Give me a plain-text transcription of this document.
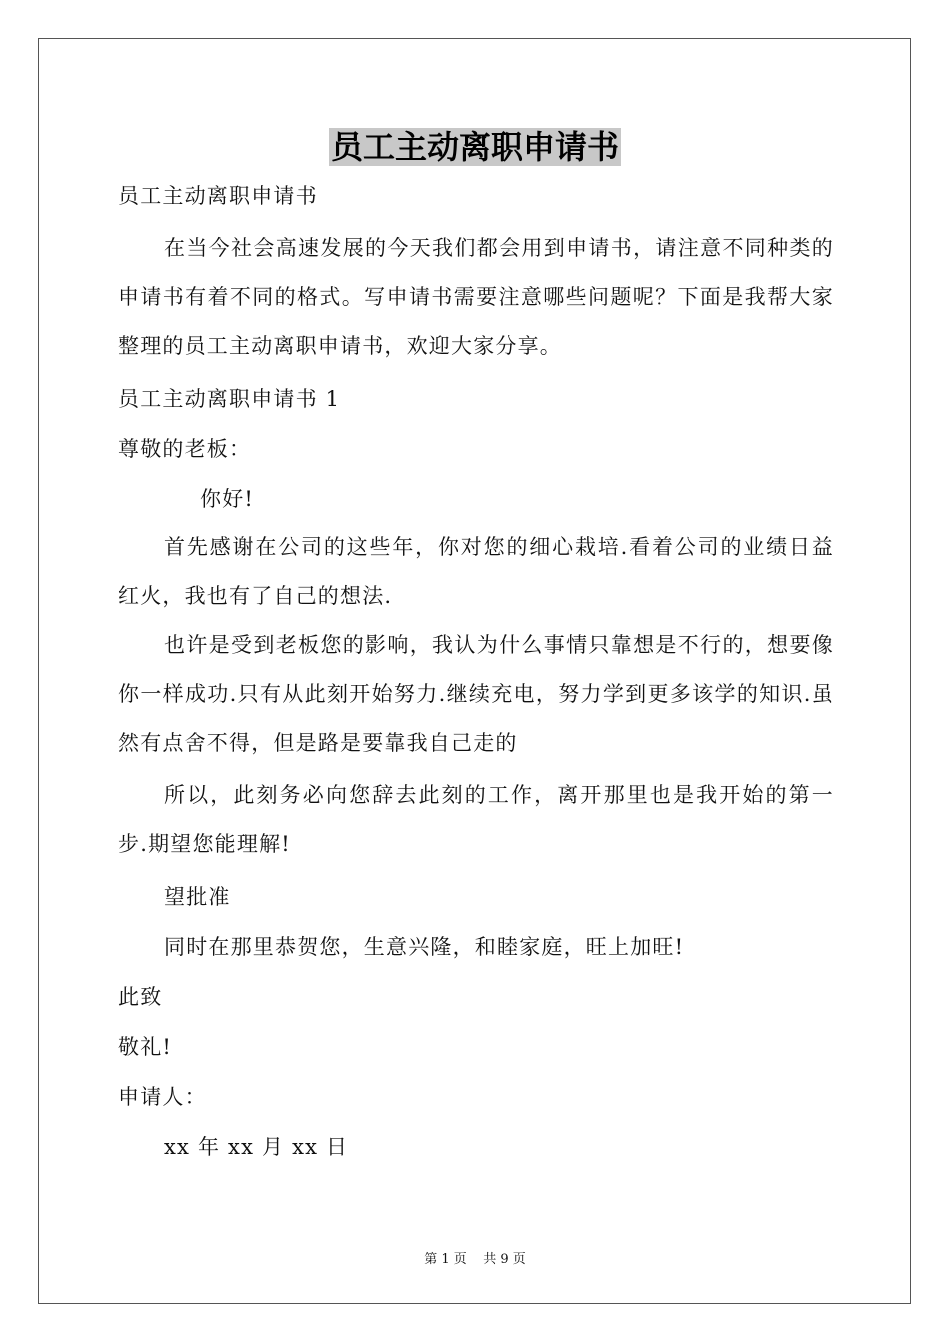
员工主动离职申请书
员工主动离职申请书
在当今社会高速发展的今天我们都会用到申请书，请注意不同种类的申请书有着不同的格式。写申请书需要注意哪些问题呢？下面是我帮大家整理的员工主动离职申请书，欢迎大家分享。
员工主动离职申请书 1
尊敬的老板：
你好!
首先感谢在公司的这些年，你对您的细心栽培.看着公司的业绩日益红火，我也有了自己的想法.
也许是受到老板您的影响，我认为什么事情只靠想是不行的，想要像你一样成功.只有从此刻开始努力.继续充电，努力学到更多该学的知识.虽然有点舍不得，但是路是要靠我自己走的
所以，此刻务必向您辞去此刻的工作，离开那里也是我开始的第一步.期望您能理解!
望批准
同时在那里恭贺您，生意兴隆，和睦家庭，旺上加旺!
此致
敬礼!
申请人：
xx 年 xx 月 xx 日
第 1 页    共 9 页
